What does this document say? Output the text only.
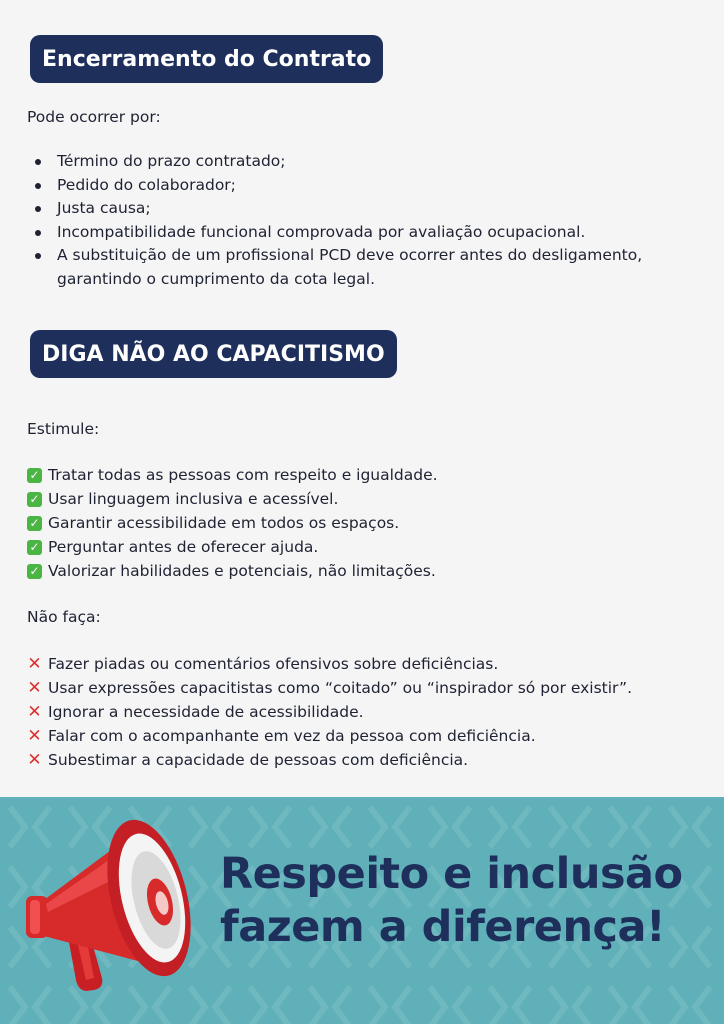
Encerramento do Contrato

Pode ocorrer por:

Término do prazo contratado;
Pedido do colaborador;
Justa causa;
Incompatibilidade funcional comprovada por avaliação ocupacional.
A substituição de um profissional PCD deve ocorrer antes do desligamento, garantindo o cumprimento da cota legal.
DIGA NÃO AO CAPACITISMO

Estimule:

✓ Tratar todas as pessoas com respeito e igualdade.
✓ Usar linguagem inclusiva e acessível.
✓ Garantir acessibilidade em todos os espaços.
✓ Perguntar antes de oferecer ajuda.
✓ Valorizar habilidades e potenciais, não limitações.

Não faça:

✕ Fazer piadas ou comentários ofensivos sobre deficiências.
✕ Usar expressões capacitistas como “coitado” ou “inspirador só por existir”.
✕ Ignorar a necessidade de acessibilidade.
✕ Falar com o acompanhante em vez da pessoa com deficiência.
✕ Subestimar a capacidade de pessoas com deficiência.
Respeito e inclusão
fazem a diferença!
